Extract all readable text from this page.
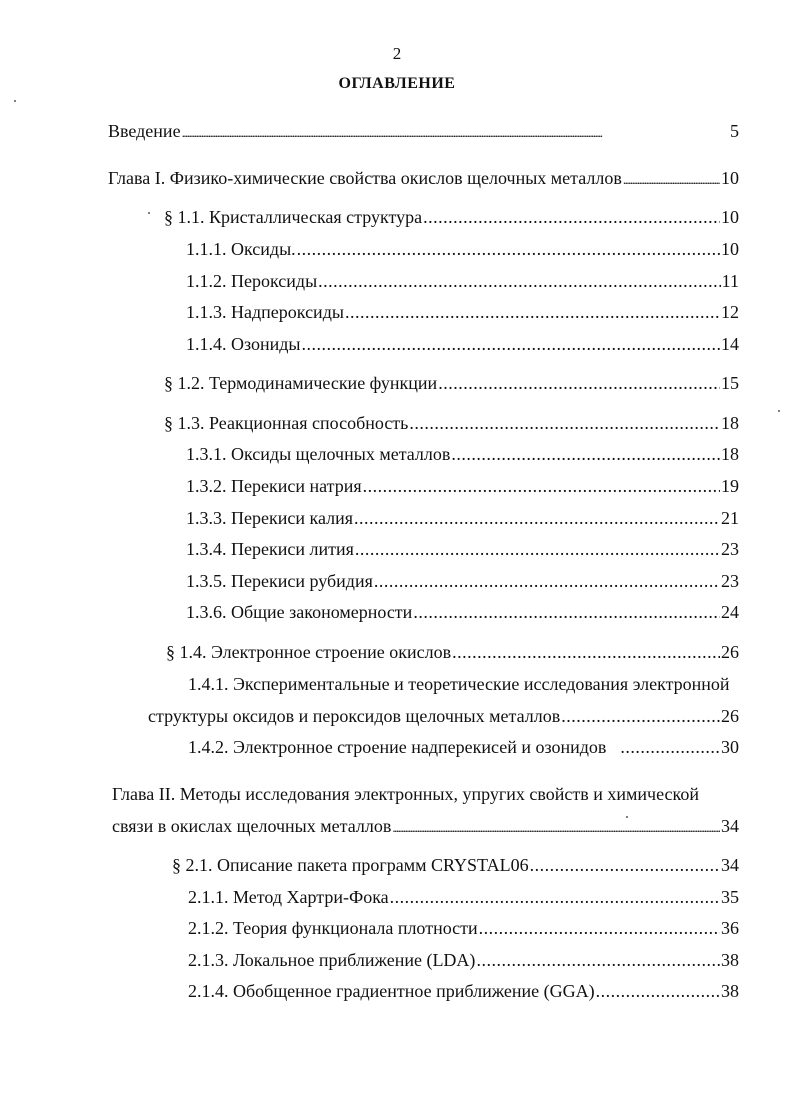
2
ОГЛАВЛЕНИЕ
Введение .....	5
Глава I. Физико-химические свойства окислов щелочных металлов .....	10
§ 1.1. Кристаллическая структура .....	10
1.1.1. Оксиды. .....	10
1.1.2. Пероксиды .....	11
1.1.3. Надпероксиды .....	12
1.1.4. Озониды .....	14
§ 1.2. Термодинамические функции .....	15
§ 1.3. Реакционная способность .....	18
1.3.1. Оксиды щелочных металлов .....	18
1.3.2. Перекиси натрия .....	19
1.3.3. Перекиси калия .....	21
1.3.4. Перекиси лития .....	23
1.3.5. Перекиси рубидия .....	23
1.3.6. Общие закономерности .....	24
§ 1.4. Электронное строение окислов .....	26
1.4.1. Экспериментальные и теоретические исследования электронной
структуры оксидов и пероксидов щелочных металлов .....	26
1.4.2. Электронное строение надперекисей и озонидов .....	30
Глава II. Методы исследования электронных, упругих свойств и химической
связи в окислах щелочных металлов .....	34
§ 2.1. Описание пакета программ CRYSTAL06 .....	34
2.1.1. Метод Хартри-Фока .....	35
2.1.2. Теория функционала плотности .....	36
2.1.3. Локальное приближение (LDA) .....	38
2.1.4. Обобщенное градиентное приближение (GGA) .....	38
